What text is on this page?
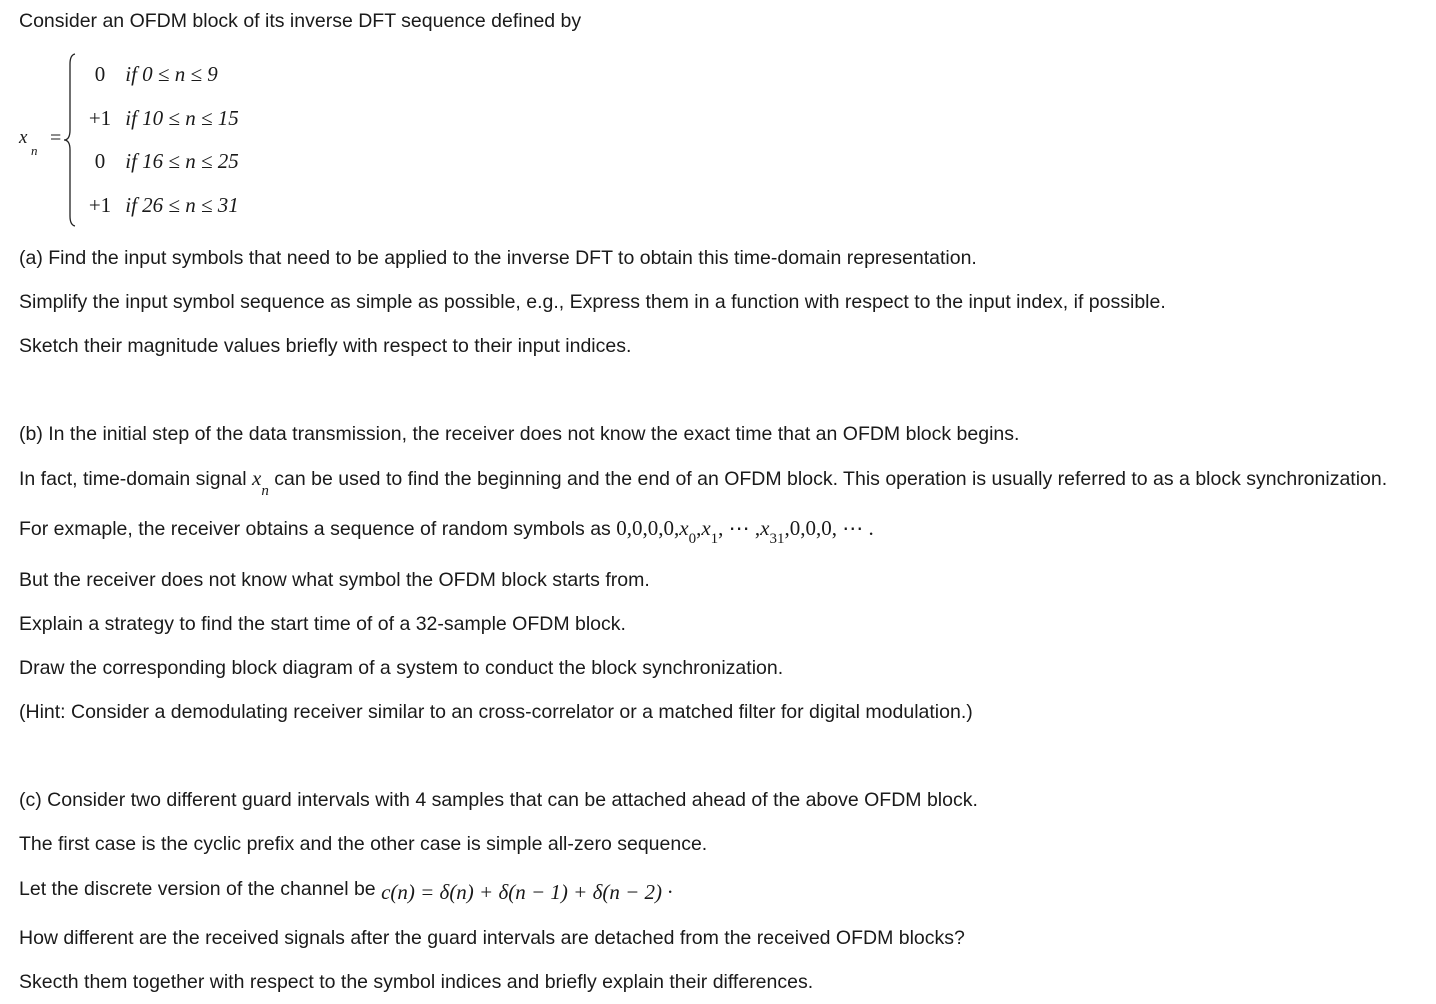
Consider an OFDM block of its inverse DFT sequence defined by
x
n
=
0 if 0 ≤ n ≤ 9
+1 if 10 ≤ n ≤ 15
0 if 16 ≤ n ≤ 25
+1 if 26 ≤ n ≤ 31
(a) Find the input symbols that need to be applied to the inverse DFT to obtain this time-domain representation.
Simplify the input symbol sequence as simple as possible, e.g., Express them in a function with respect to the input index, if possible.
Sketch their magnitude values briefly with respect to their input indices.
(b) In the initial step of the data transmission, the receiver does not know the exact time that an OFDM block begins.
In fact, time-domain signal $x_n$ can be used to find the beginning and the end of an OFDM block. This operation is usually referred to as a block synchronization.
For exmaple, the receiver obtains a sequence of random symbols as $0,0,0,0,x_0,x_1$, ⋯ $,x_{31},0,0,0$, ⋯ .
But the receiver does not know what symbol the OFDM block starts from.
Explain a strategy to find the start time of of a 32-sample OFDM block.
Draw the corresponding block diagram of a system to conduct the block synchronization.
(Hint: Consider a demodulating receiver similar to an cross-correlator or a matched filter for digital modulation.)
(c) Consider two different guard intervals with 4 samples that can be attached ahead of the above OFDM block.
The first case is the cyclic prefix and the other case is simple all-zero sequence.
Let the discrete version of the channel be c(n) = δ(n) + δ(n − 1) + δ(n − 2) ·
How different are the received signals after the guard intervals are detached from the received OFDM blocks?
Skecth them together with respect to the symbol indices and briefly explain their differences.
